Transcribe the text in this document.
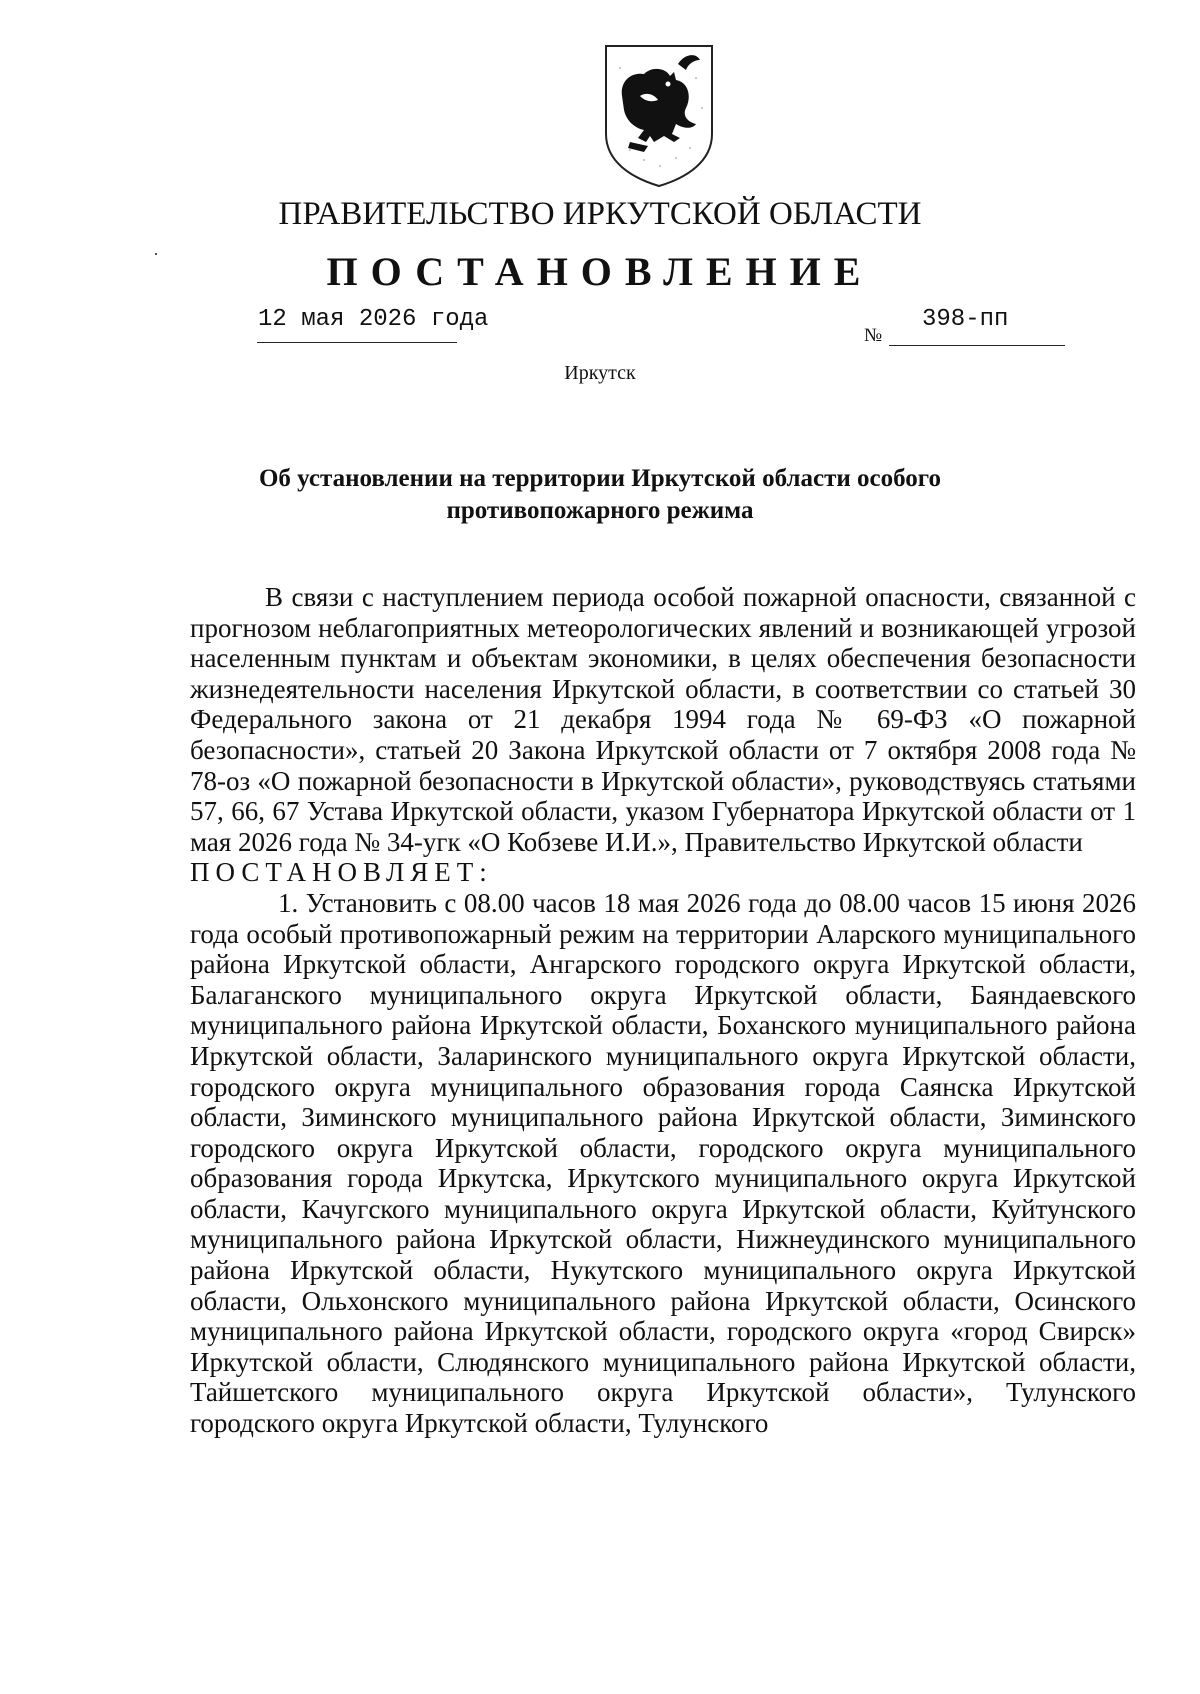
ПРАВИТЕЛЬСТВО ИРКУТСКОЙ ОБЛАСТИ
ПОСТАНОВЛЕНИЕ
12 мая 2026 года
№
398-пп
Иркутск
Об установлении на территории Иркутской области особого
противопожарного режима

В связи с наступлением периода особой пожарной опасности, связанной с прогнозом неблагоприятных метеорологических явлений и возникающей угрозой населенным пунктам и объектам экономики, в целях обеспечения безопасности жизнедеятельности населения Иркутской области, в соответствии со статьей 30 Федерального закона от 21 декабря 1994 года № 69-ФЗ «О пожарной безопасности», статьей 20 Закона Иркутской области от 7 октября 2008 года № 78-оз «О пожарной безопасности в Иркутской области», руководствуясь статьями 57, 66, 67 Устава Иркутской области, указом Губернатора Иркутской области от 1 мая 2026 года № 34-угк «О Кобзеве И.И.», Правительство Иркутской области

ПОСТАНОВЛЯЕТ:

1. Установить с 08.00 часов 18 мая 2026 года до 08.00 часов 15 июня 2026 года особый противопожарный режим на территории Аларского муниципального района Иркутской области, Ангарского городского округа Иркутской области, Балаганского муниципального округа Иркутской области, Баяндаевского муниципального района Иркутской области, Боханского муниципального района Иркутской области, Заларинского муниципального округа Иркутской области, городского округа муниципального образования города Саянска Иркутской области, Зиминского муниципального района Иркутской области, Зиминского городского округа Иркутской области, городского округа муниципального образования города Иркутска, Иркутского муниципального округа Иркутской области, Качугского муниципального округа Иркутской области, Куйтунского муниципального района Иркутской области, Нижнеудинского муниципального района Иркутской области, Нукутского муниципального округа Иркутской области, Ольхонского муниципального района Иркутской области, Осинского муниципального района Иркутской области, городского округа «город Свирск» Иркутской области, Слюдянского муниципального района Иркутской области, Тайшетского муниципального округа Иркутской области», Тулунского городского округа Иркутской области, Тулунского
